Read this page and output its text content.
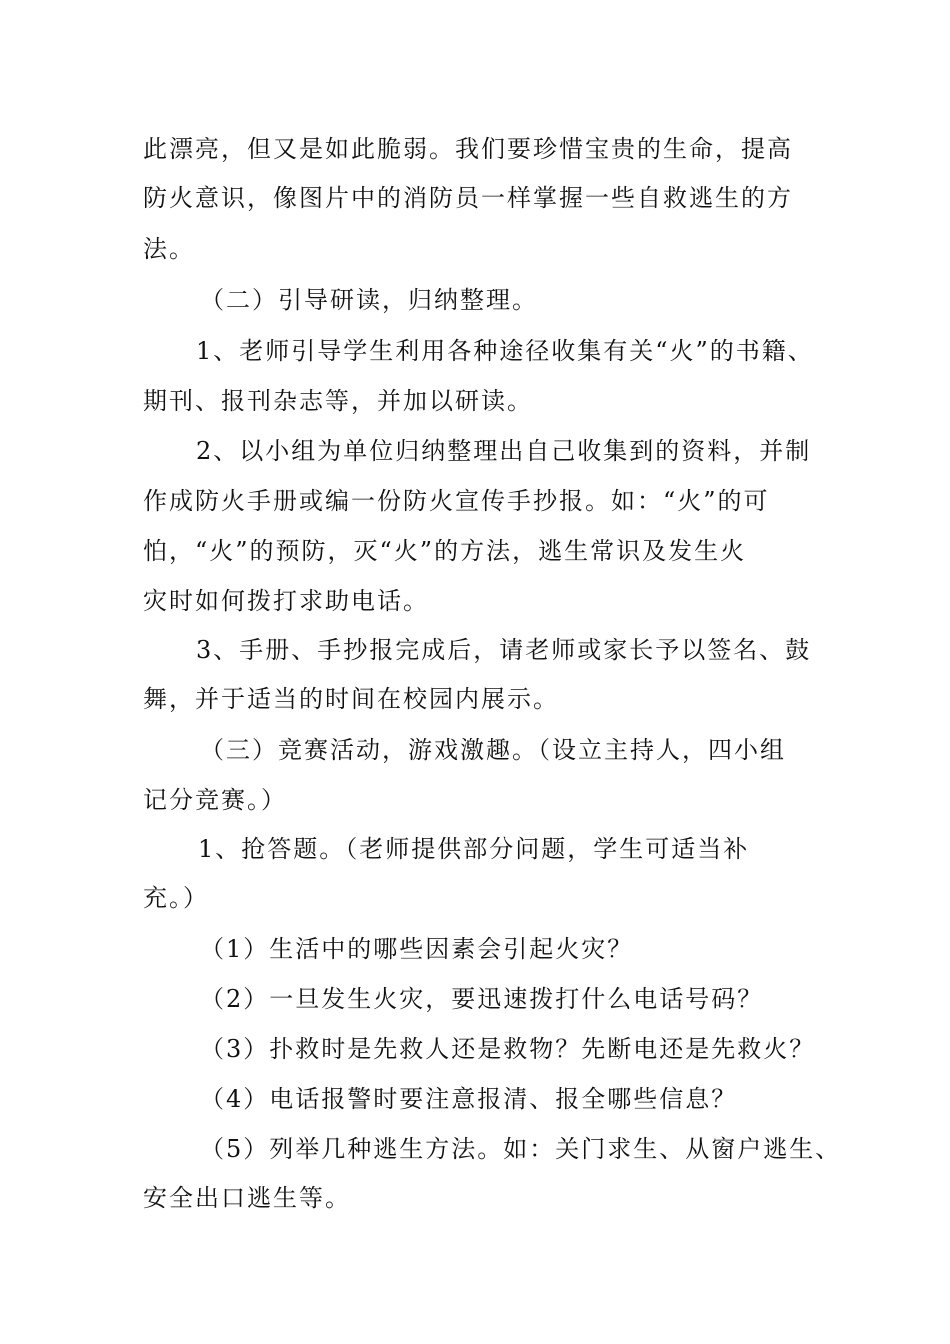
此漂亮，但又是如此脆弱。我们要珍惜宝贵的生命，提高
防火意识，像图片中的消防员一样掌握一些自救逃生的方
法。
（二）引导研读，归纳整理。
1、老师引导学生利用各种途径收集有关“火”的书籍、
期刊、报刊杂志等，并加以研读。
2、以小组为单位归纳整理出自己收集到的资料，并制
作成防火手册或编一份防火宣传手抄报。如：“火”的可
怕，“火”的预防，灭“火”的方法，逃生常识及发生火
灾时如何拨打求助电话。
3、手册、手抄报完成后，请老师或家长予以签名、鼓
舞，并于适当的时间在校园内展示。
（三）竞赛活动，游戏激趣。（设立主持人，四小组
记分竞赛。）
1、抢答题。（老师提供部分问题，学生可适当补
充。）
（1）生活中的哪些因素会引起火灾？
（2）一旦发生火灾，要迅速拨打什么电话号码？
（3）扑救时是先救人还是救物？先断电还是先救火？
（4）电话报警时要注意报清、报全哪些信息？
（5）列举几种逃生方法。如：关门求生、从窗户逃生、
安全出口逃生等。
